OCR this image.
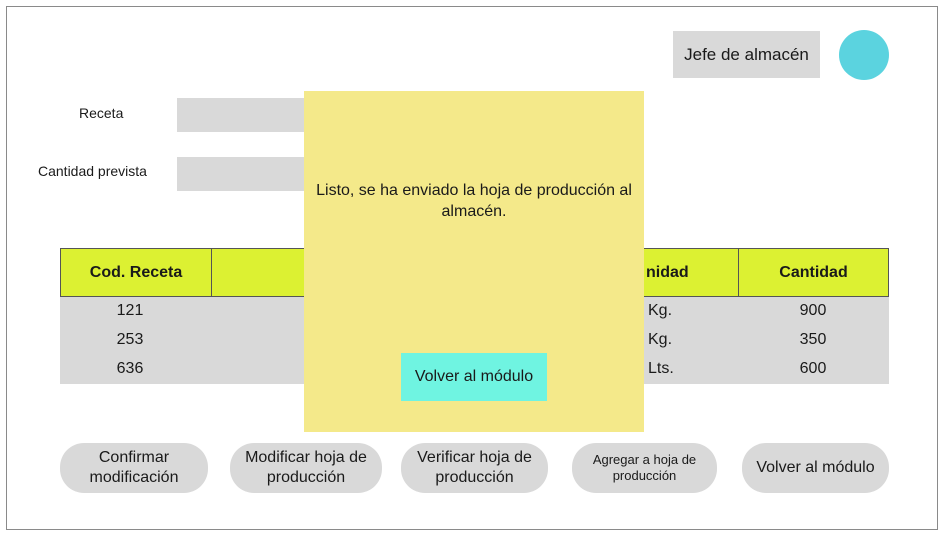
Jefe de almacén
Receta
Cantidad prevista
Cod. Receta	nidad	Cantidad
121	Kg.	900
253	Kg.	350
636	Lts.	600
Confirmar modificación
Modificar hoja de producción
Verificar hoja de producción
Agregar a hoja de producción	Volver al módulo
Listo, se ha enviado la hoja de producción al almacén.
Volver al módulo
